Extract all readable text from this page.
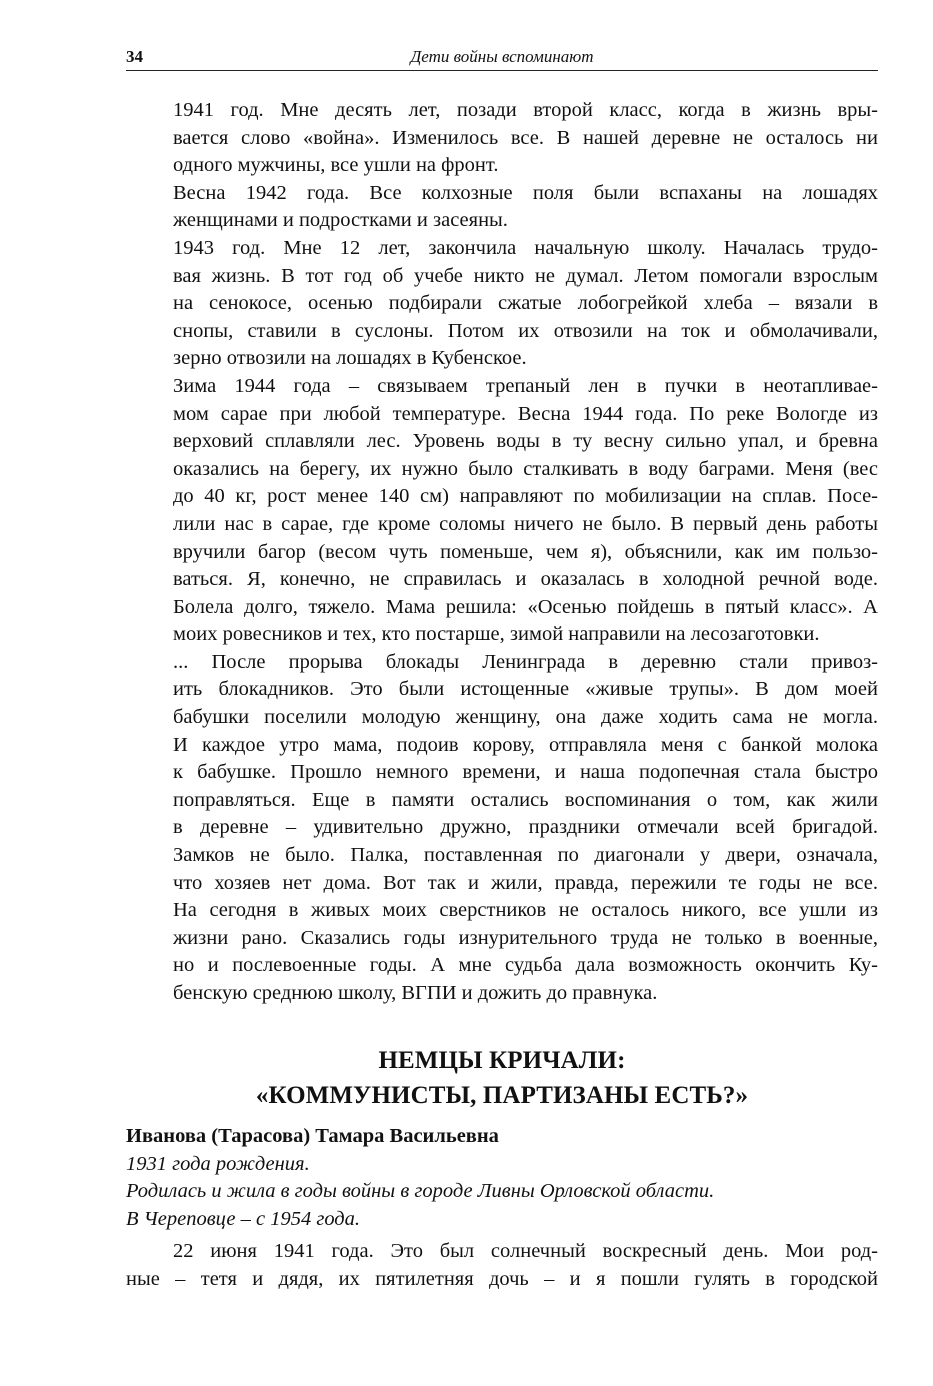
34	Дети войны вспоминают

1941 год. Мне десять лет, позади второй класс, когда в жизнь вры-
вается слово «война». Изменилось все. В нашей деревне не осталось ни
одного мужчины, все ушли на фронт.

Весна 1942 года. Все колхозные поля были вспаханы на лошадях
женщинами и подростками и засеяны.

1943 год. Мне 12 лет, закончила начальную школу. Началась трудо-
вая жизнь. В тот год об учебе никто не думал. Летом помогали взрослым
на сенокосе, осенью подбирали сжатые лобогрейкой хлеба – вязали в
снопы, ставили в суслоны. Потом их отвозили на ток и обмолачивали,
зерно отвозили на лошадях в Кубенское.

Зима 1944 года – связываем трепаный лен в пучки в неотапливае-
мом сарае при любой температуре. Весна 1944 года. По реке Вологде из
верховий сплавляли лес. Уровень воды в ту весну сильно упал, и бревна
оказались на берегу, их нужно было сталкивать в воду баграми. Меня (вес
до 40 кг, рост менее 140 см) направляют по мобилизации на сплав. Посе-
лили нас в сарае, где кроме соломы ничего не было. В первый день работы
вручили багор (весом чуть поменьше, чем я), объяснили, как им пользо-
ваться. Я, конечно, не справилась и оказалась в холодной речной воде.
Болела долго, тяжело. Мама решила: «Осенью пойдешь в пятый класс». А
моих ровесников и тех, кто постарше, зимой направили на лесозаготовки.

... После прорыва блокады Ленинграда в деревню стали привоз-
ить блокадников. Это были истощенные «живые трупы». В дом моей
бабушки поселили молодую женщину, она даже ходить сама не могла.
И каждое утро мама, подоив корову, отправляла меня с банкой молока
к бабушке. Прошло немного времени, и наша подопечная стала быстро
поправляться. Еще в памяти остались воспоминания о том, как жили
в деревне – удивительно дружно, праздники отмечали всей бригадой.
Замков не было. Палка, поставленная по диагонали у двери, означала,
что хозяев нет дома. Вот так и жили, правда, пережили те годы не все.
На сегодня в живых моих сверстников не осталось никого, все ушли из
жизни рано. Сказались годы изнурительного труда не только в военные,
но и послевоенные годы. А мне судьба дала возможность окончить Ку-
бенскую среднюю школу, ВГПИ и дожить до правнука.

НЕМЦЫ КРИЧАЛИ:
«КОММУНИСТЫ, ПАРТИЗАНЫ ЕСТЬ?»
Иванова (Тарасова) Тамара Васильевна
1931 года рождения.
Родилась и жила в годы войны в городе Ливны Орловской области.
В Череповце – с 1954 года.
22 июня 1941 года. Это был солнечный воскресный день. Мои род-
ные – тетя и дядя, их пятилетняя дочь – и я пошли гулять в городской
